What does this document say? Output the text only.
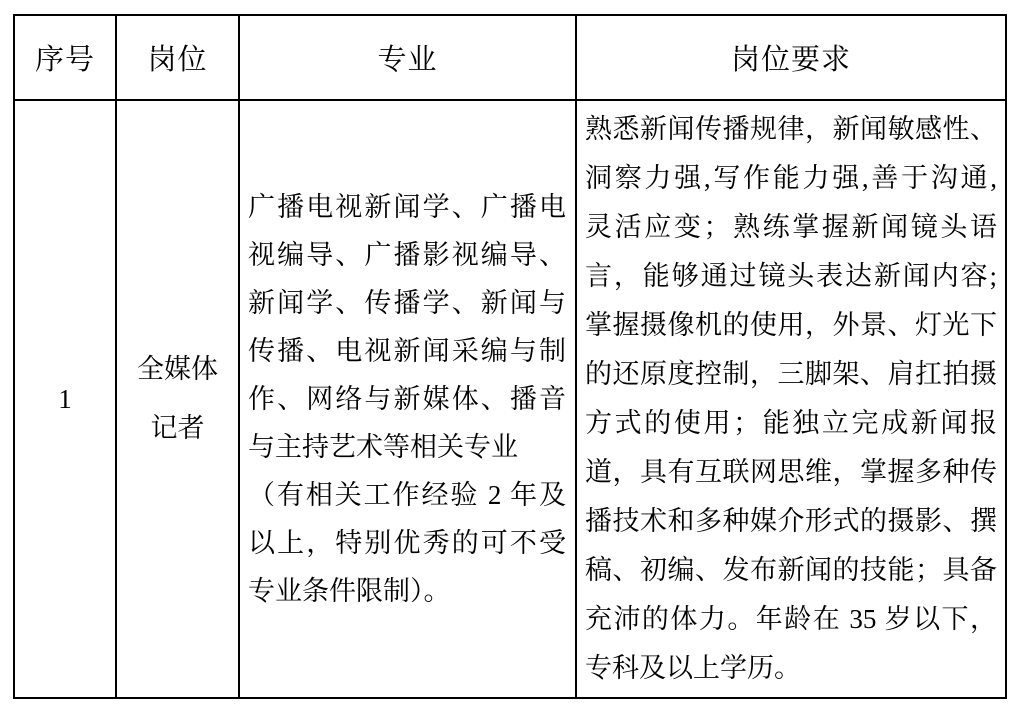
序号 岗位	专业	岗位要求
1
全媒体
记者
广播电视新闻学、广播电
视编导、广播影视编导、
新闻学、传播学、新闻与
传播、电视新闻采编与制
作、网络与新媒体、播音
与主持艺术等相关专业
（有相关工作经验 2 年及
以上，特别优秀的可不受
专业条件限制）。
熟悉新闻传播规律，新闻敏感性、
洞察力强,写作能力强,善于沟通,
灵活应变；熟练掌握新闻镜头语
言，能够通过镜头表达新闻内容;
掌握摄像机的使用，外景、灯光下
的还原度控制，三脚架、肩扛拍摄
方式的使用；能独立完成新闻报
道，具有互联网思维，掌握多种传
播技术和多种媒介形式的摄影、撰
稿、初编、发布新闻的技能；具备
充沛的体力。年龄在 35 岁以下，
专科及以上学历。
